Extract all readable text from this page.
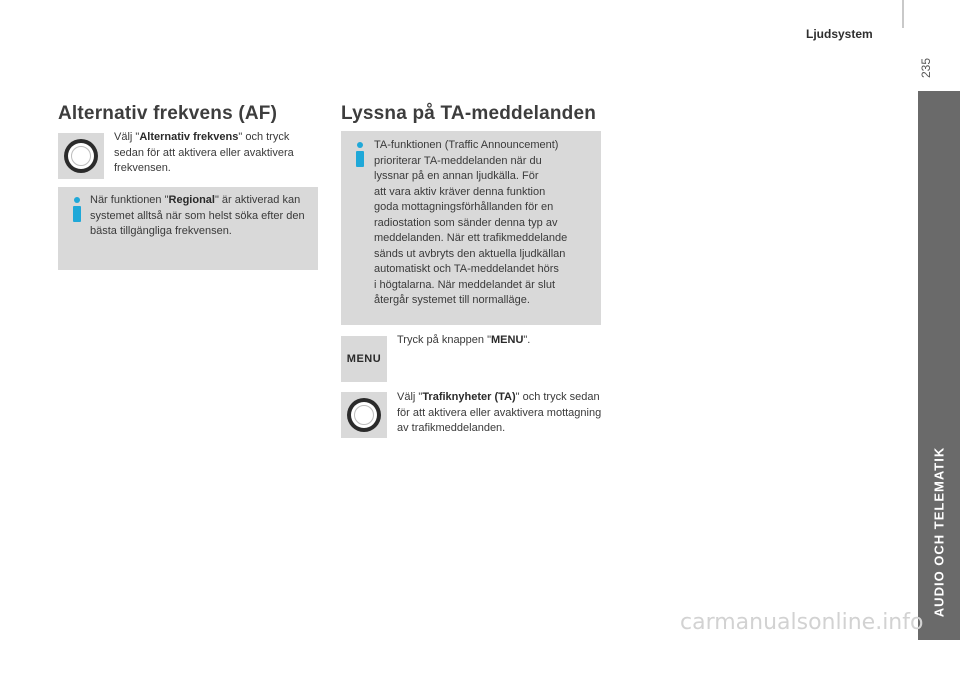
Ljudsystem
235
AUDIO OCH TELEMATIK
10
Alternativ frekvens (AF)
Välj "Alternativ frekvens" och tryck sedan för att aktivera eller avaktivera frekvensen.
När funktionen "Regional" är aktiverad kan systemet alltså när som helst söka efter den bästa tillgängliga frekvensen.
Lyssna på TA-meddelanden
TA-funktionen (Traffic Announcement)
prioriterar TA-meddelanden när du
lyssnar på en annan ljudkälla. För
att vara aktiv kräver denna funktion
goda mottagningsförhållanden för en
radiostation som sänder denna typ av
meddelanden. När ett trafikmeddelande
sänds ut avbryts den aktuella ljudkällan
automatiskt och TA-meddelandet hörs
i högtalarna. När meddelandet är slut
återgår systemet till normalläge.
MENU
Tryck på knappen "MENU".
Välj "Trafiknyheter (TA)" och tryck sedan för att aktivera eller avaktivera mottagning av trafikmeddelanden.
carmanualsonline.info
